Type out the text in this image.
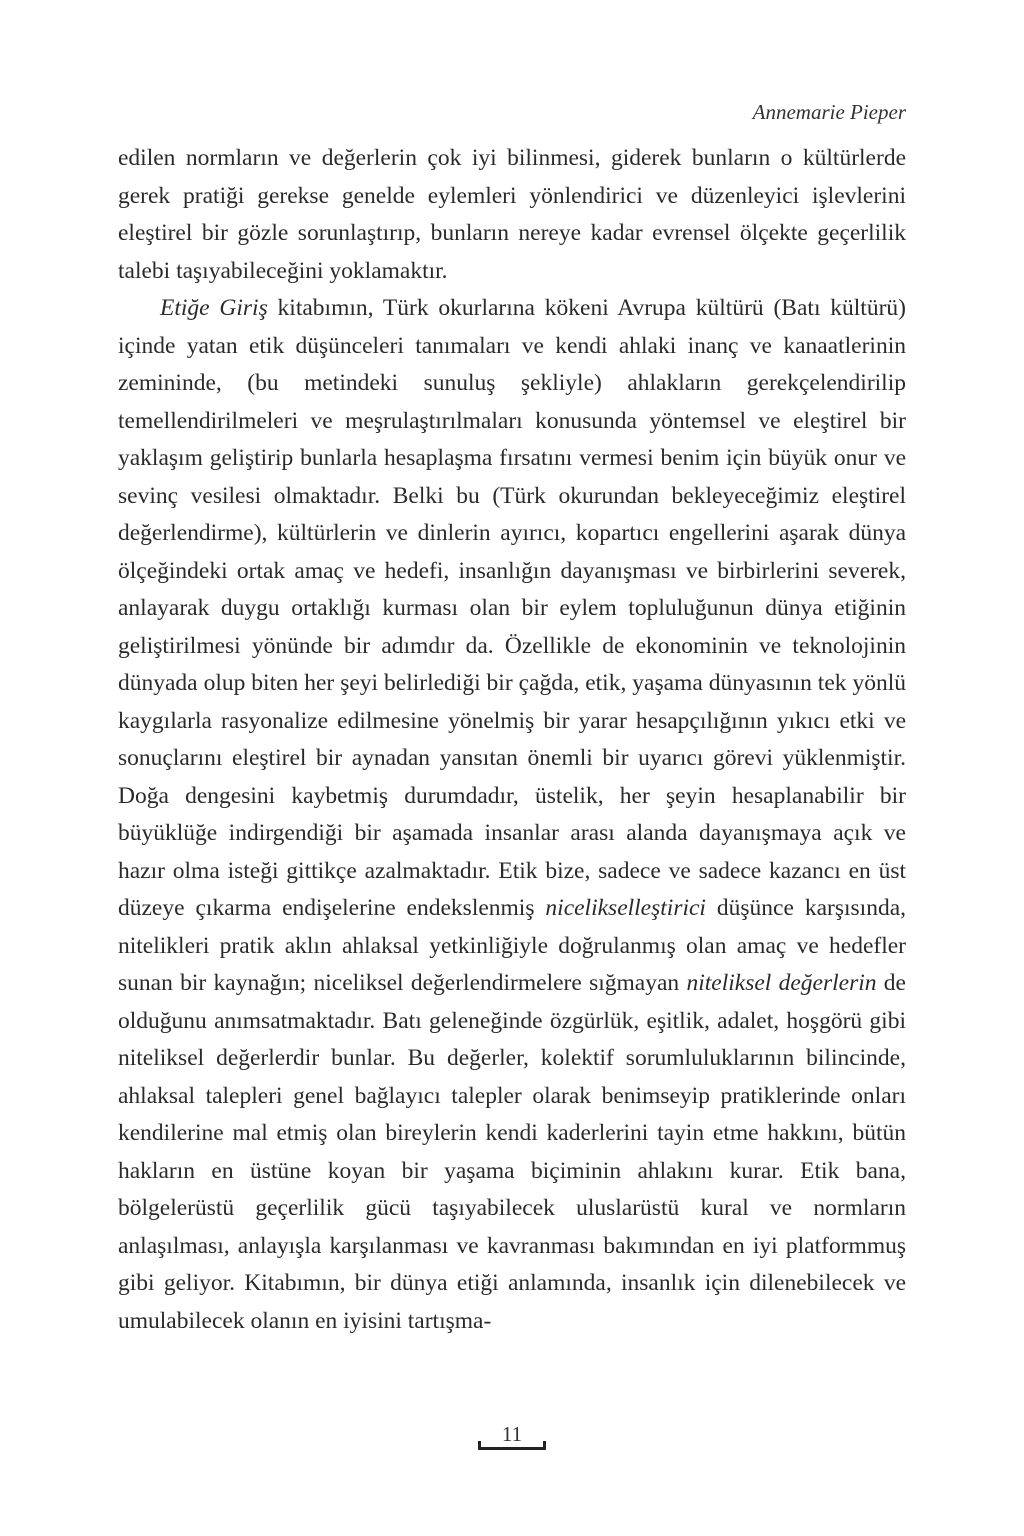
Annemarie Pieper

edilen normların ve değerlerin çok iyi bilinmesi, giderek bunların o kültürlerde gerek pratiği gerekse genelde eylemleri yönlendirici ve düzenleyici işlevlerini eleştirel bir gözle sorunlaştırıp, bunların nereye kadar evrensel ölçekte geçerlilik talebi taşıyabileceğini yoklamaktır.

Etiğe Giriş kitabımın, Türk okurlarına kökeni Avrupa kültürü (Batı kültürü) içinde yatan etik düşünceleri tanımaları ve kendi ahlaki inanç ve kanaatlerinin zemininde, (bu metindeki sunuluş şekliyle) ahlakların gerekçelendirilip temellendirilmeleri ve meşrulaştırılmaları konusunda yöntemsel ve eleştirel bir yaklaşım geliştirip bunlarla hesaplaşma fırsatını vermesi benim için büyük onur ve sevinç vesilesi olmaktadır. Belki bu (Türk okurundan bekleyeceğimiz eleştirel değerlendirme), kültürlerin ve dinlerin ayırıcı, kopartıcı engellerini aşarak dünya ölçeğindeki ortak amaç ve hedefi, insanlığın dayanışması ve birbirlerini severek, anlayarak duygu ortaklığı kurması olan bir eylem topluluğunun dünya etiğinin geliştirilmesi yönünde bir adımdır da. Özellikle de ekonominin ve teknolojinin dünyada olup biten her şeyi belirlediği bir çağda, etik, yaşama dünyasının tek yönlü kaygılarla rasyonalize edilmesine yönelmiş bir yarar hesapçılığının yıkıcı etki ve sonuçlarını eleştirel bir aynadan yansıtan önemli bir uyarıcı görevi yüklenmiştir. Doğa dengesini kaybetmiş durumdadır, üstelik, her şeyin hesaplanabilir bir büyüklüğe indirgendiği bir aşamada insanlar arası alanda dayanışmaya açık ve hazır olma isteği gittikçe azalmaktadır. Etik bize, sadece ve sadece kazancı en üst düzeye çıkarma endişelerine endekslenmiş nicelikselleştirici düşünce karşısında, nitelikleri pratik aklın ahlaksal yetkinliğiyle doğrulanmış olan amaç ve hedefler sunan bir kaynağın; niceliksel değerlendirmelere sığmayan niteliksel değerlerin de olduğunu anımsatmaktadır. Batı geleneğinde özgürlük, eşitlik, adalet, hoşgörü gibi niteliksel değerlerdir bunlar. Bu değerler, kolektif sorumluluklarının bilincinde, ahlaksal talepleri genel bağlayıcı talepler olarak benimseyip pratiklerinde onları kendilerine mal etmiş olan bireylerin kendi kaderlerini tayin etme hakkını, bütün hakların en üstüne koyan bir yaşama biçiminin ahlakını kurar. Etik bana, bölgelerüstü geçerlilik gücü taşıyabilecek uluslarüstü kural ve normların anlaşılması, anlayışla karşılanması ve kavranması bakımından en iyi platformmuş gibi geliyor. Kitabımın, bir dünya etiği anlamında, insanlık için dilenebilecek ve umulabilecek olanın en iyisini tartışma-

11
